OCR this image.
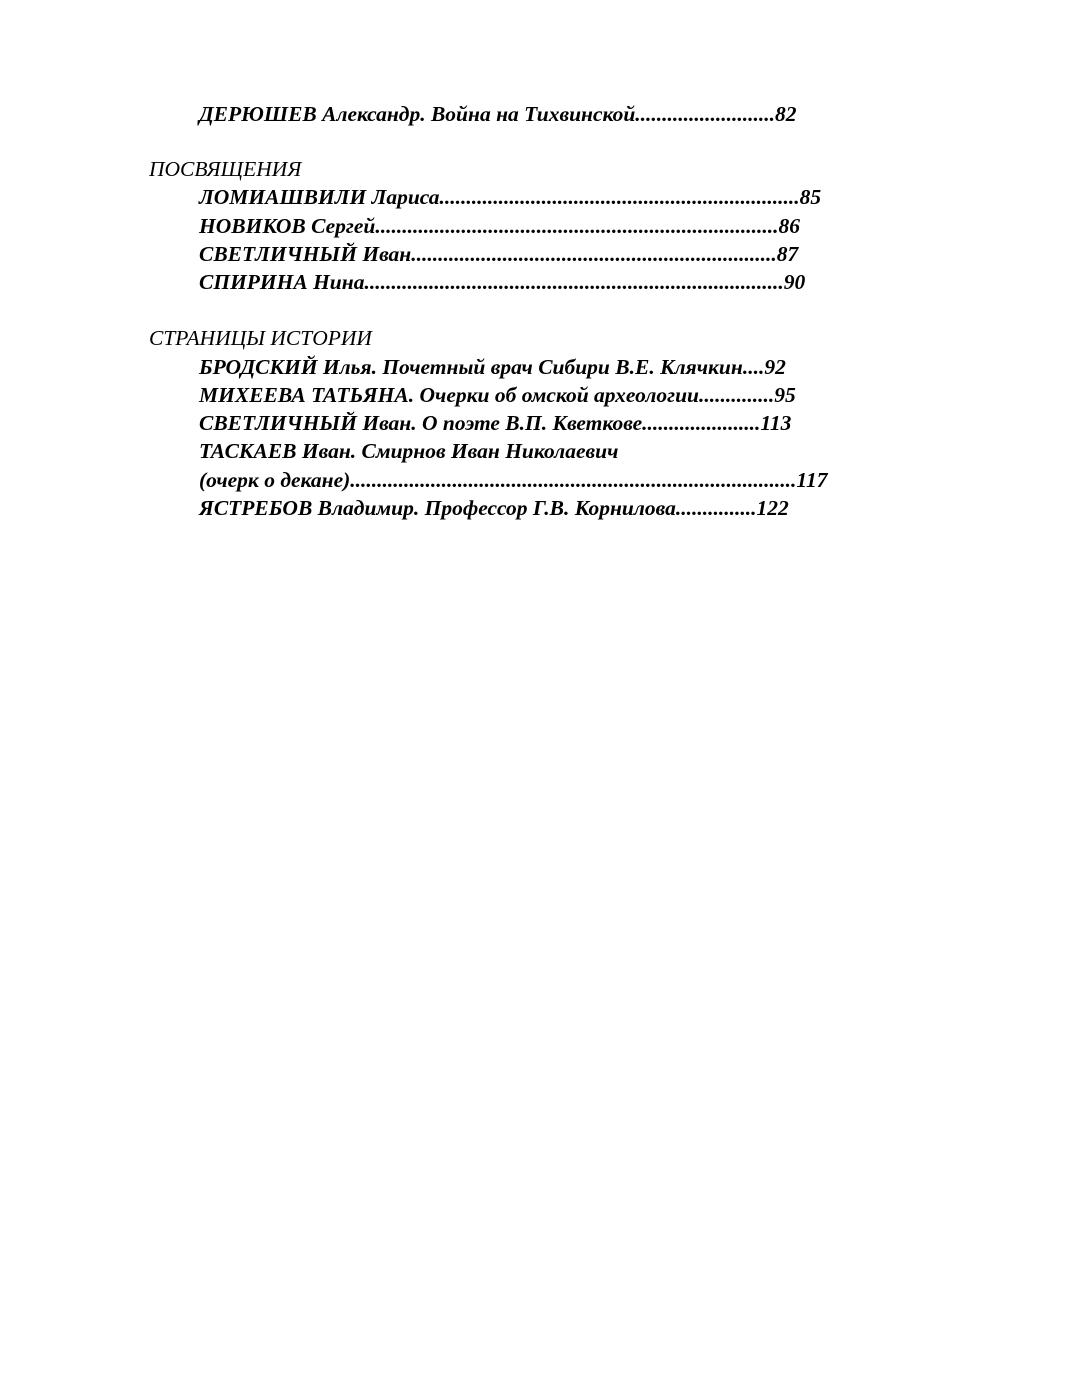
ДЕРЮШЕВ Александр. Война на Тихвинской..........................82
ПОСВЯЩЕНИЯ
ЛОМИАШВИЛИ Лариса...................................................................85
НОВИКОВ Сергей...........................................................................86
СВЕТЛИЧНЫЙ Иван....................................................................87
СПИРИНА Нина..............................................................................90
СТРАНИЦЫ ИСТОРИИ
БРОДСКИЙ Илья. Почетный врач Сибири В.Е. Клячкин....92
МИХЕЕВА ТАТЬЯНА. Очерки об омской археологии..............95
СВЕТЛИЧНЫЙ Иван. О поэте В.П. Кветкове......................113
ТАСКАЕВ Иван. Смирнов Иван Николаевич
(очерк о декане)...................................................................................117
ЯСТРЕБОВ Владимир. Профессор Г.В. Корнилова...............122
